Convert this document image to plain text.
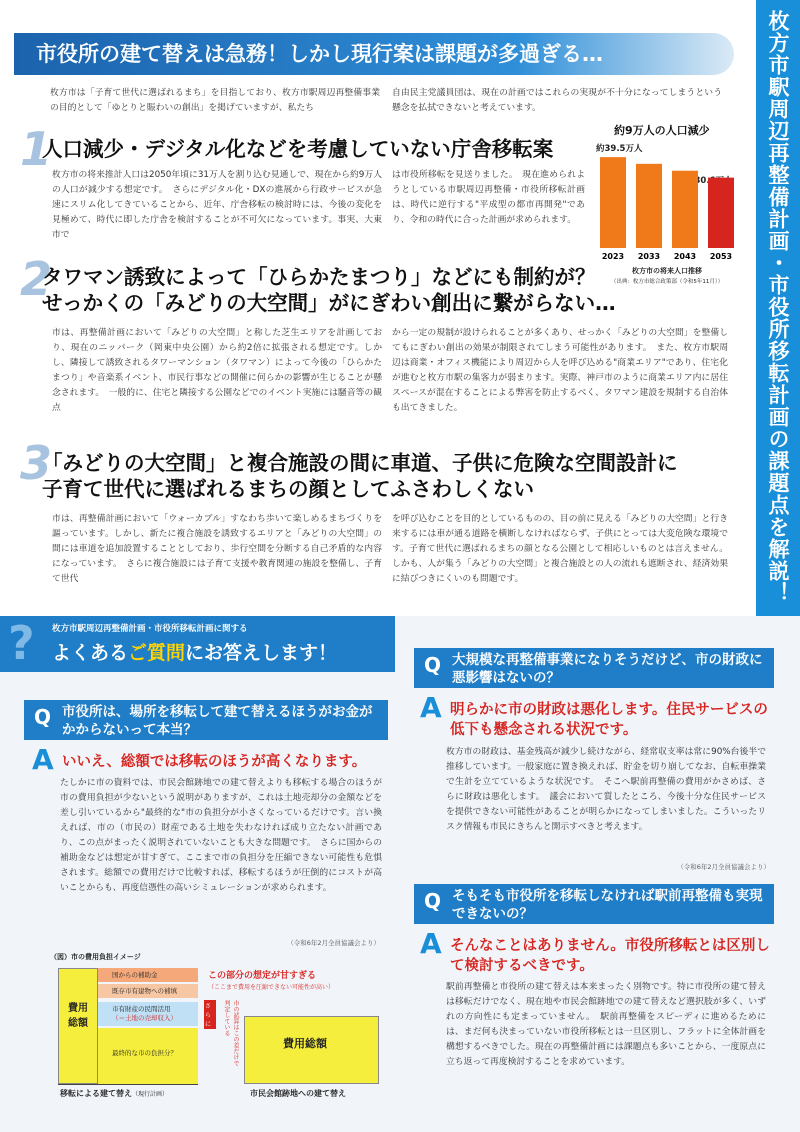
枚方市駅周辺再整備計画・市役所移転計画の課題点を解説！
市役所の建て替えは急務！しかし現行案は課題が多過ぎる…
枚方市は「子育て世代に選ばれるまち」を目指しており、枚方市駅周辺再整備事業の目的として「ゆとりと賑わいの創出」を掲げていますが、私たち
自由民主党議員団は、現在の計画ではこれらの実現が不十分になってしまうという懸念を払拭できないと考えています。
1
人口減少・デジタル化などを考慮していない庁舎移転案
枚方市の将来推計人口は2050年頃に31万人を割り込む見通しで、現在から約9万人の人口が減少する想定です。　さらにデジタル化・DXの進展から行政サービスが急速にスリム化してきていることから、近年、庁舎移転の検討時には、今後の変化を見極めて、時代に即した庁舎を検討することが不可欠になっています。事実、大東市で
は市役所移転を見送りました。　現在進められようとしている市駅周辺再整備・市役所移転計画は、時代に逆行する"平成型の都市再開発"であり、令和の時代に合った計画が求められます。
約9万人の人口減少
約39.5万人
2023 2033 2043 2053
枚方市の将来人口推移
（出典：枚方市総合政策部（令和5年11月））
2
タワマン誘致によって「ひらかたまつり」などにも制約が？
せっかくの「みどりの大空間」がにぎわい創出に繋がらない…
市は、再整備計画において「みどりの大空間」と称した芝生エリアを計画しており、現在のニッパーク（岡東中央公園）から約2倍に拡張される想定です。しかし、隣接して誘致されるタワーマンション（タワマン）によって今後の「ひらかたまつり」や音楽系イベント、市民行事などの開催に何らかの影響が生じることが懸念されます。　一般的に、住宅と隣接する公園などでのイベント実施には騒音等の観点
から一定の規制が設けられることが多くあり、せっかく「みどりの大空間」を整備してもにぎわい創出の効果が制限されてしまう可能性があります。　また、枚方市駅周辺は商業・オフィス機能により周辺から人を呼び込める"商業エリア"であり、住宅化が進むと枚方市駅の集客力が弱まります。実際、神戸市のように商業エリア内に居住スペースが混在することによる弊害を防止するべく、タワマン建設を規制する自治体も出てきました。
3
「みどりの大空間」と複合施設の間に車道、子供に危険な空間設計に
子育て世代に選ばれるまちの顔としてふさわしくない
市は、再整備計画において「ウォーカブル」すなわち歩いて楽しめるまちづくりを謳っています。しかし、新たに複合施設を誘致するエリアと「みどりの大空間」の間には車道を追加設置することとしており、歩行空間を分断する自己矛盾的な内容になっています。　さらに複合施設には子育て支援や教育関連の施設を整備し、子育て世代
を呼び込むことを目的としているものの、目の前に見える「みどりの大空間」と行き来するには車が通る道路を横断しなければならず、子供にとっては大変危険な環境です。子育て世代に選ばれるまちの顔となる公園として相応しいものとは言えません。しかも、人が集う「みどりの大空間」と複合施設との人の流れも遮断され、経済効果に結びつきにくいのも問題です。
? 枚方市駅周辺再整備計画・市役所移転計画に関する
よくあるご質問にお答えします！
Q 市役所は、場所を移転して建て替えるほうがお金がかからないって本当？
A いいえ、総額では移転のほうが高くなります。
たしかに市の資料では、市民会館跡地での建て替えよりも移転する場合のほうが市の費用負担が少ないという説明がありますが、これは土地売却分の金額などを差し引いているから"最終的な"市の負担分が小さくなっているだけです。言い換えれば、市の（市民の）財産である土地を失わなければ成り立たない計画であり、この点がまったく説明されていないことも大きな問題です。　さらに国からの補助金などは想定が甘すぎて、ここまで市の負担分を圧縮できない可能性も危惧されます。総額での費用だけで比較すれば、移転するほうが圧倒的にコストが高いことからも、再度信憑性の高いシミュレーションが求められます。
（令和6年2月全員協議会より）
Q 大規模な再整備事業になりそうだけど、市の財政に悪影響はないの？
A 明らかに市の財政は悪化します。住民サービスの低下も懸念される状況です。
枚方市の財政は、基金残高が減少し続けながら、経常収支率は常に90%台後半で推移しています。一般家庭に置き換えれば、貯金を切り崩してなお、自転車操業で生計を立てているような状況です。　そこへ駅前再整備の費用がかさめば、さらに財政は悪化します。　議会において質したところ、今後十分な住民サービスを提供できない可能性があることが明らかになってしまいました。こういったリスク情報も市民にきちんと開示すべきと考えます。
（令和6年2月全員協議会より）
Q そもそも市役所を移転しなければ駅前再整備も実現できないの？
A そんなことはありません。市役所移転とは区別して検討するべきです。
駅前再整備と市役所の建て替えは本来まったく別物です。特に市役所の建て替えは移転だけでなく、現在地や市民会館跡地での建て替えなど選択肢が多く、いずれの方向性にも定まっていません。　駅前再整備をスピーディに進めるためには、まだ何も決まっていない市役所移転とは一旦区別し、フラットに全体計画を構想するべきでした。現在の再整備計画には課題点も多いことから、一度原点に立ち返って再度検討することを求めています。
（図）市の費用負担イメージ
費用総額
国からの補助金
既存市有建物への補填
市有財産の民間活用
（＝土地の売却収入）
最終的な市の負担分？
この部分の想定が甘すぎる
（ここまで費用を圧縮できない可能性が高い）
さらに	市の試算はこの差だけで判定している
費用総額
移転による建て替え（現行計画）	市民会館跡地への建て替え
